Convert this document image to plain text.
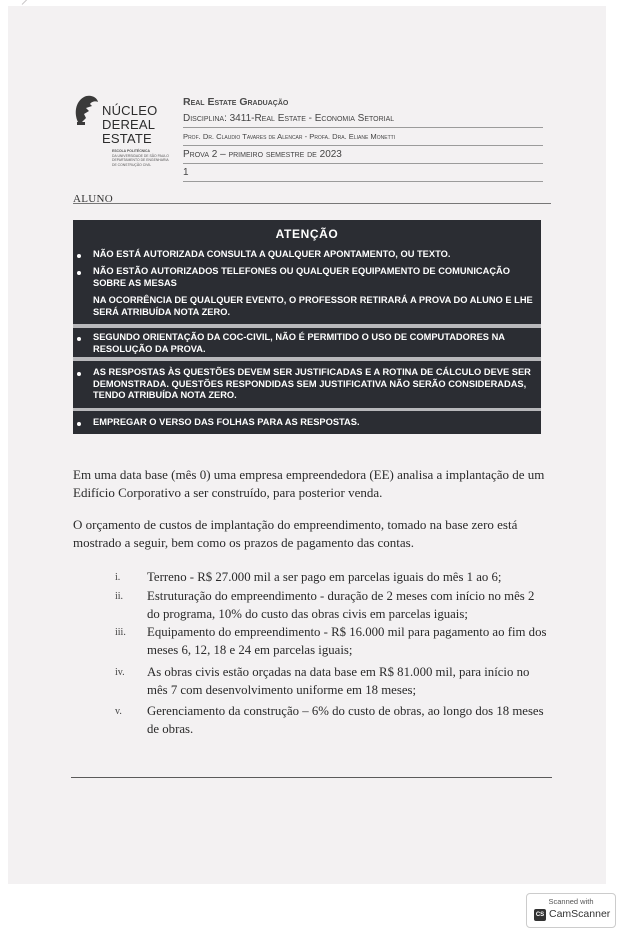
NÚCLEO
DEREAL
ESTATE
ESCOLA POLITÉCNICA
DA UNIVERSIDADE DE SÃO PAULO
DEPARTAMENTO DE ENGENHARIA
DE CONSTRUÇÃO CIVIL
Real Estate Graduação
Disciplina: 3411-Real Estate - Economia Setorial
Prof. Dr. Claudio Tavares de Alencar - Profa. Dra. Eliane Monetti
Prova 2 – primeiro semestre de 2023
1
ALUNO
ATENÇÃO
NÃO ESTÁ AUTORIZADA CONSULTA A QUALQUER APONTAMENTO, OU TEXTO.
NÃO ESTÃO AUTORIZADOS TELEFONES OU QUALQUER EQUIPAMENTO DE COMUNICAÇÃO SOBRE AS MESAS
NA OCORRÊNCIA DE QUALQUER EVENTO, O PROFESSOR RETIRARÁ A PROVA DO ALUNO E LHE SERÁ ATRIBUÍDA NOTA ZERO.
SEGUNDO ORIENTAÇÃO DA COC-CIVIL, NÃO É PERMITIDO O USO DE COMPUTADORES NA RESOLUÇÃO DA PROVA.
AS RESPOSTAS ÀS QUESTÕES DEVEM SER JUSTIFICADAS E A ROTINA DE CÁLCULO DEVE SER DEMONSTRADA. QUESTÕES RESPONDIDAS SEM JUSTIFICATIVA NÃO SERÃO CONSIDERADAS, TENDO ATRIBUÍDA NOTA ZERO.
EMPREGAR O VERSO DAS FOLHAS PARA AS RESPOSTAS.
Em uma data base (mês 0) uma empresa empreendedora (EE) analisa a implantação de um Edifício Corporativo a ser construído, para posterior venda.
O orçamento de custos de implantação do empreendimento, tomado na base zero está mostrado a seguir, bem como os prazos de pagamento das contas.
i.	Terreno - R$ 27.000 mil a ser pago em parcelas iguais do mês 1 ao 6;
ii.	Estruturação do empreendimento - duração de 2 meses com início no mês 2 do programa, 10% do custo das obras civis em parcelas iguais;
iii.	Equipamento do empreendimento - R$ 16.000 mil para pagamento ao fim dos meses 6, 12, 18 e 24 em parcelas iguais;
iv.	As obras civis estão orçadas na data base em R$ 81.000 mil, para início no mês 7 com desenvolvimento uniforme em 18 meses;
v.	Gerenciamento da construção – 6% do custo de obras, ao longo dos 18 meses de obras.
Scanned with
CS CamScanner
